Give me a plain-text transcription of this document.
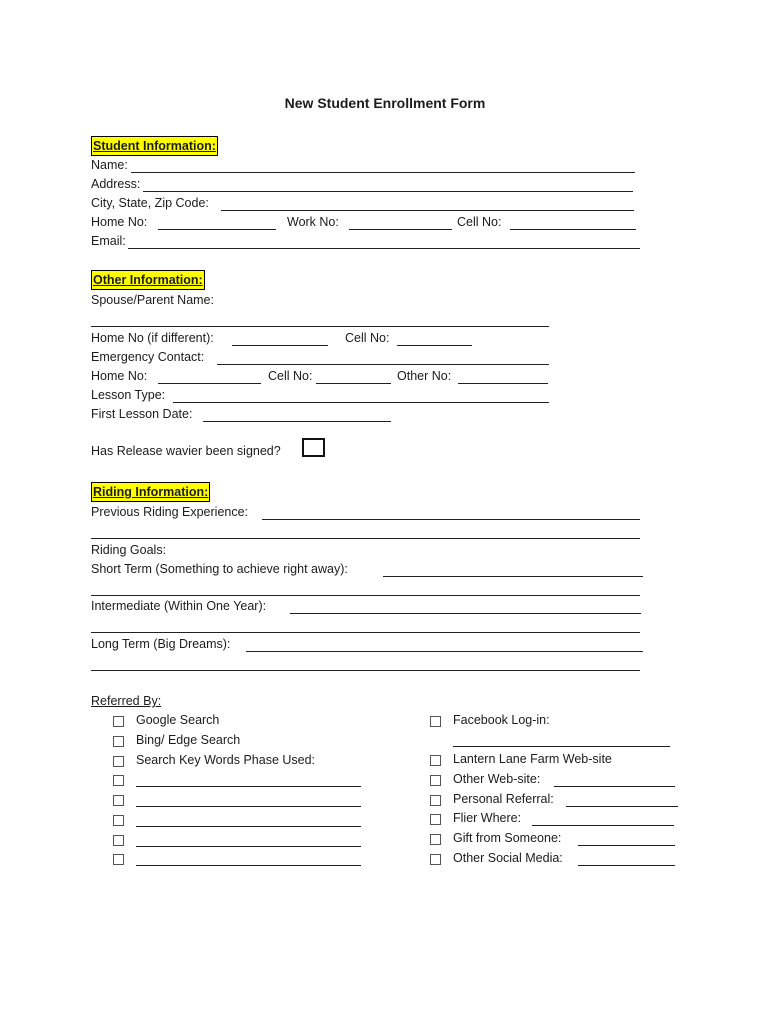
New Student Enrollment Form
Student Information:
Name:
Address:
City, State, Zip Code:
Home No:	Work No:	Cell No:
Email:
Other Information:
Spouse/Parent Name:
Home No (if different):	Cell No:
Emergency Contact:
Home No:	Cell No:	Other No:
Lesson Type:
First Lesson Date:
Has Release wavier been signed?
Riding Information:
Previous Riding Experience:
Riding Goals:
Short Term (Something to achieve right away):
Intermediate (Within One Year):
Long Term (Big Dreams):
Referred By:
Google Search
Bing/ Edge Search
Search Key Words Phase Used:
Facebook Log-in:
Lantern Lane Farm Web-site
Other Web-site:
Personal Referral:
Flier Where:
Gift from Someone:
Other Social Media:
